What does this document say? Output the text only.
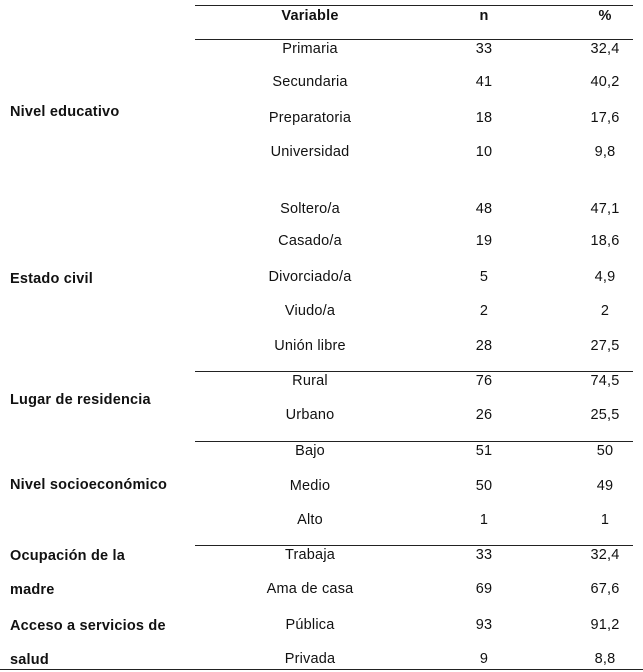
Variable	n	%
Nivel educativo
Primaria	33	32,4
Secundaria	41	40,2
Preparatoria	18	17,6
Universidad	10	9,8
Estado civil
Soltero/a	48	47,1
Casado/a	19	18,6
Divorciado/a	5	4,9
Viudo/a	2	2
Unión libre	28	27,5
Lugar de residencia
Rural	76	74,5
Urbano	26	25,5
Nivel socioeconómico
Bajo	51	50
Medio	50	49
Alto	1	1
Ocupación de la
madre
Trabaja	33	32,4
Ama de casa	69	67,6
Acceso a servicios de
salud
Pública	93	91,2
Privada	9	8,8
